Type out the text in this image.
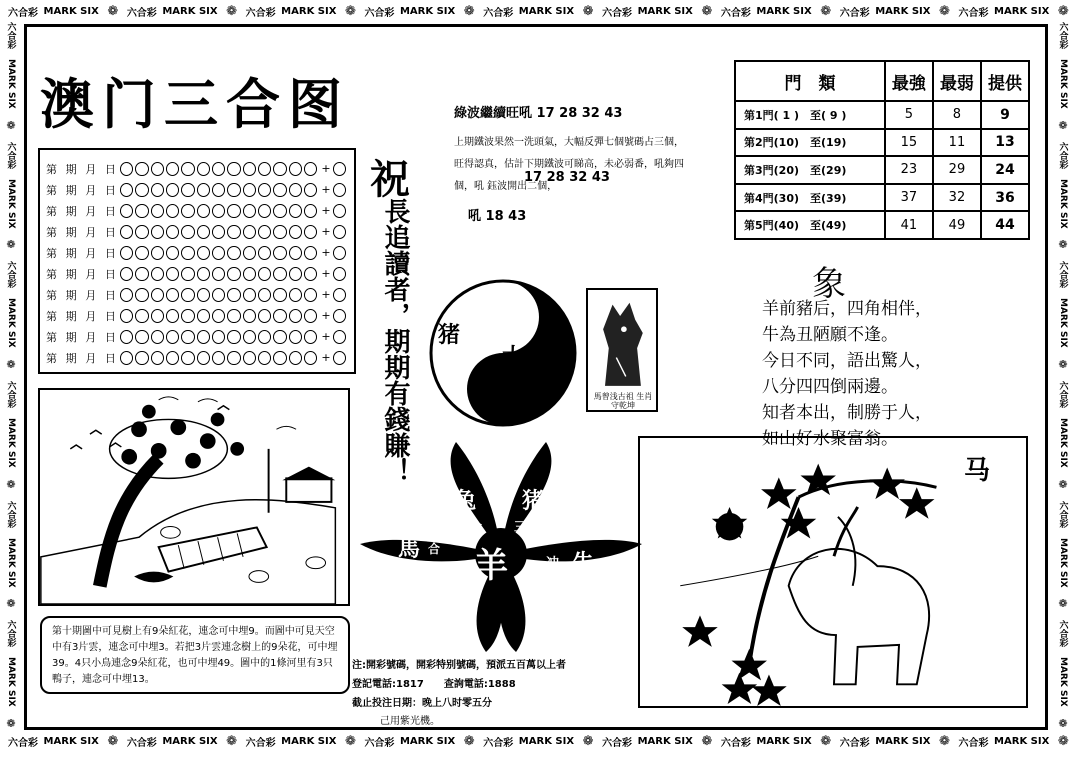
六合彩 MARK SIX ❁ 六合彩 MARK SIX ❁ 六合彩 MARK SIX ❁ 六合彩 MARK SIX ❁ 六合彩 MARK SIX ❁ 六合彩 MARK SIX ❁ 六合彩 MARK SIX ❁ 六合彩 MARK SIX ❁ 六合彩 MARK SIX ❁
六合彩 MARK SIX ❁ 六合彩 MARK SIX ❁ 六合彩 MARK SIX ❁ 六合彩 MARK SIX ❁ 六合彩 MARK SIX ❁ 六合彩 MARK SIX ❁ 六合彩 MARK SIX ❁ 六合彩 MARK SIX ❁ 六合彩 MARK SIX ❁
六合彩
MARK SIX
❁
六合彩
MARK SIX
❁
六合彩
MARK SIX
❁
六合彩
MARK SIX
❁
六合彩
MARK SIX
❁
六合彩
MARK SIX
❁
六合彩
MARK SIX
❁
六合彩
MARK SIX
❁
六合彩
MARK SIX
❁
六合彩
MARK SIX
❁
六合彩
MARK SIX
❁
六合彩
MARK SIX
❁
澳门三合图
第 期 月 日	+
第 期 月 日	+
第 期 月 日	+
第 期 月 日	+
第 期 月 日	+
第 期 月 日	+
第 期 月 日	+
第 期 月 日	+
第 期 月 日	+
第 期 月 日	+
祝
長追讀者，期期有錢賺！
綠波繼續旺吼 17 28 32 43
上期鐵波果然一洗頭氣，大幅反彈七個號碼占三個，旺得認真，估計下期鐵波可睇高，未必弱番，吼夠四個，吼 鈺波開出二個，
17 28 32 43
吼 18 43
門　類	最強	最弱	提供
第1門( 1 )　至( 9 )	5	8	9
第2門(10)　至(19)	15	11	13
第3門(20)　至(29)	23	29	24
第4門(30)　至(39)	37	32	36
第5門(40)　至(49)	41	49	44
象
羊前豬后，四角相伴，
牛為丑陋願不逢。
今日不同，語出驚人，
八分四四倒兩邊。
知者本出，制勝于人，
如山好水聚富翁。
猪
2
3
大单
馬曾浅古祖 生肖守乾坤
兔 猪
三合 三合
馬
六合 羊	冲 牛
马
第十期圖中可見樹上有9朵紅花，連念可中埋9。而圖中可見天空中有3片雲，連念可中埋3。若把3片雲連念樹上的9朵花，可中埋39。4只小鳥連念9朵紅花，也可中埋49。圖中的1條河里有3只鴨子，連念可中埋13。
注:開彩號碼，開彩特别號碼，預派五百萬以上者
登記電話:1817　　查詢電話:1888
截止投注日期：晚上八时零五分
己用紫光機。
